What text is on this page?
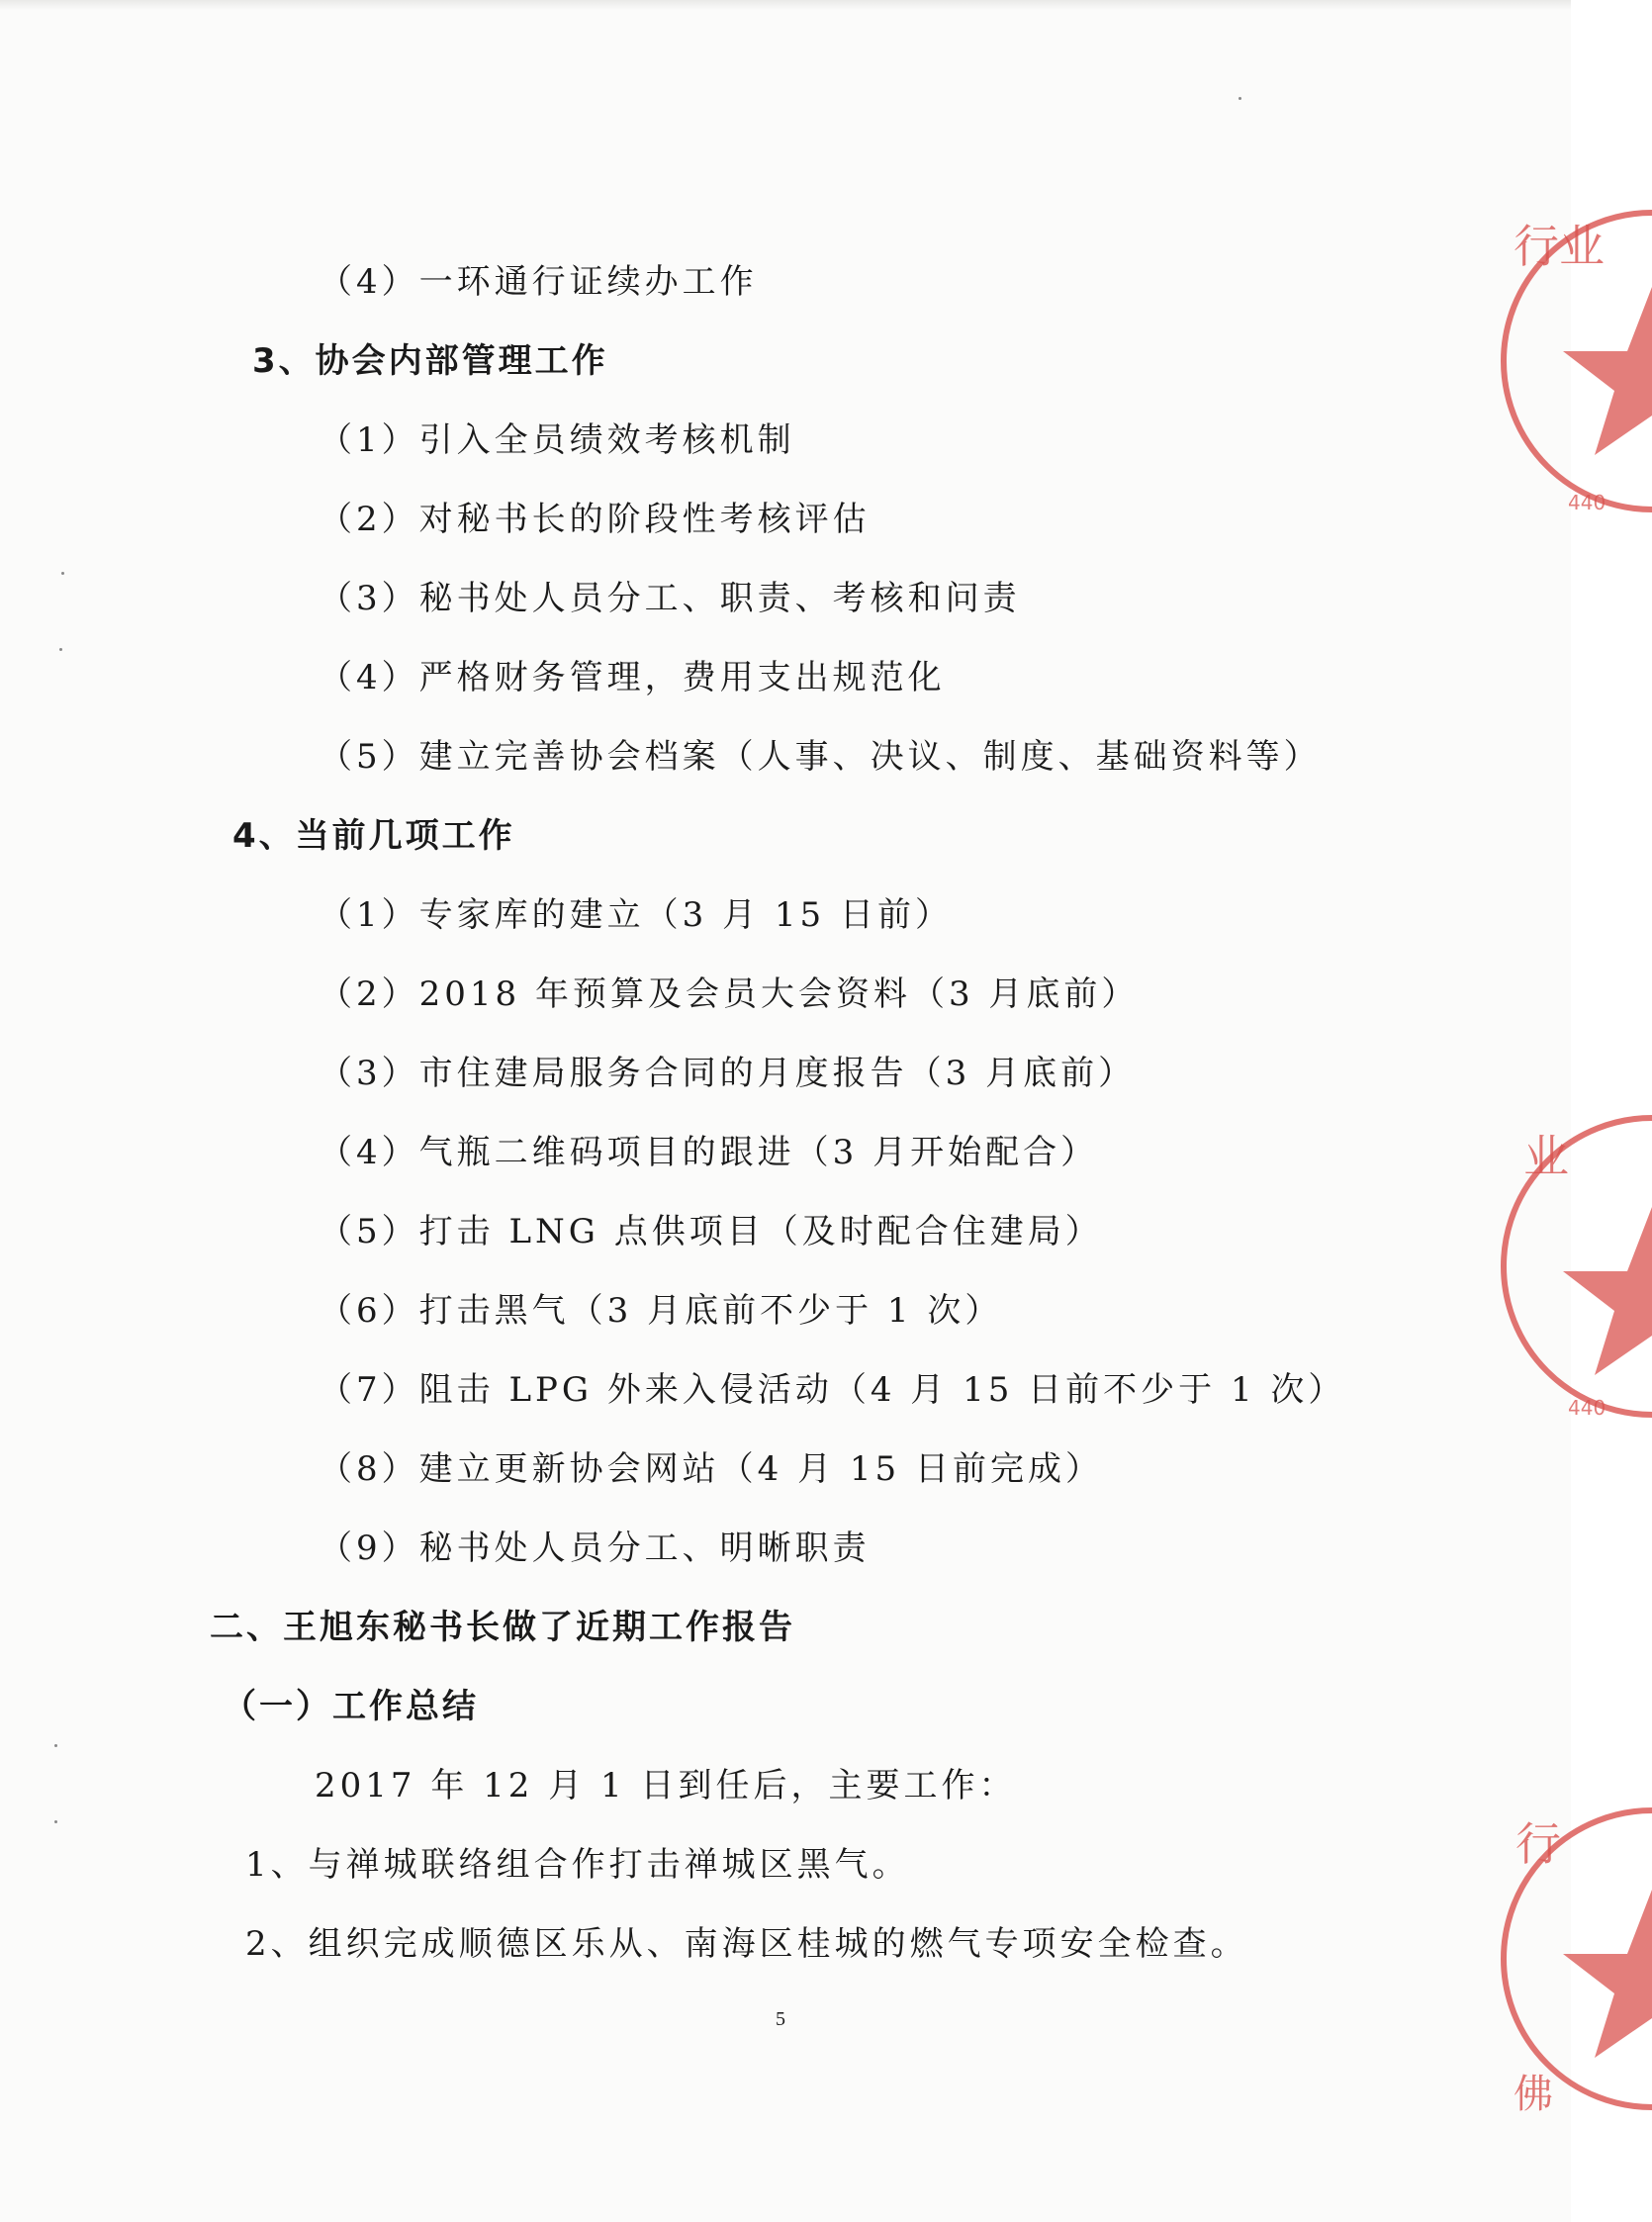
（4）一环通行证续办工作
3、协会内部管理工作
（1）引入全员绩效考核机制
（2）对秘书长的阶段性考核评估
（3）秘书处人员分工、职责、考核和问责
（4）严格财务管理，费用支出规范化
（5）建立完善协会档案（人事、决议、制度、基础资料等）
4、当前几项工作
（1）专家库的建立（3 月 15 日前）
（2）2018 年预算及会员大会资料（3 月底前）
（3）市住建局服务合同的月度报告（3 月底前）
（4）气瓶二维码项目的跟进（3 月开始配合）
（5）打击 LNG 点供项目（及时配合住建局）
（6）打击黑气（3 月底前不少于 1 次）
（7）阻击 LPG 外来入侵活动（4 月 15 日前不少于 1 次）
（8）建立更新协会网站（4 月 15 日前完成）
（9）秘书处人员分工、明晰职责
二、王旭东秘书长做了近期工作报告
（一）工作总结
2017 年 12 月 1 日到任后，主要工作：
1、与禅城联络组合作打击禅城区黑气。
2、组织完成顺德区乐从、南海区桂城的燃气专项安全检查。
5
行业
440
业
440
行
佛
